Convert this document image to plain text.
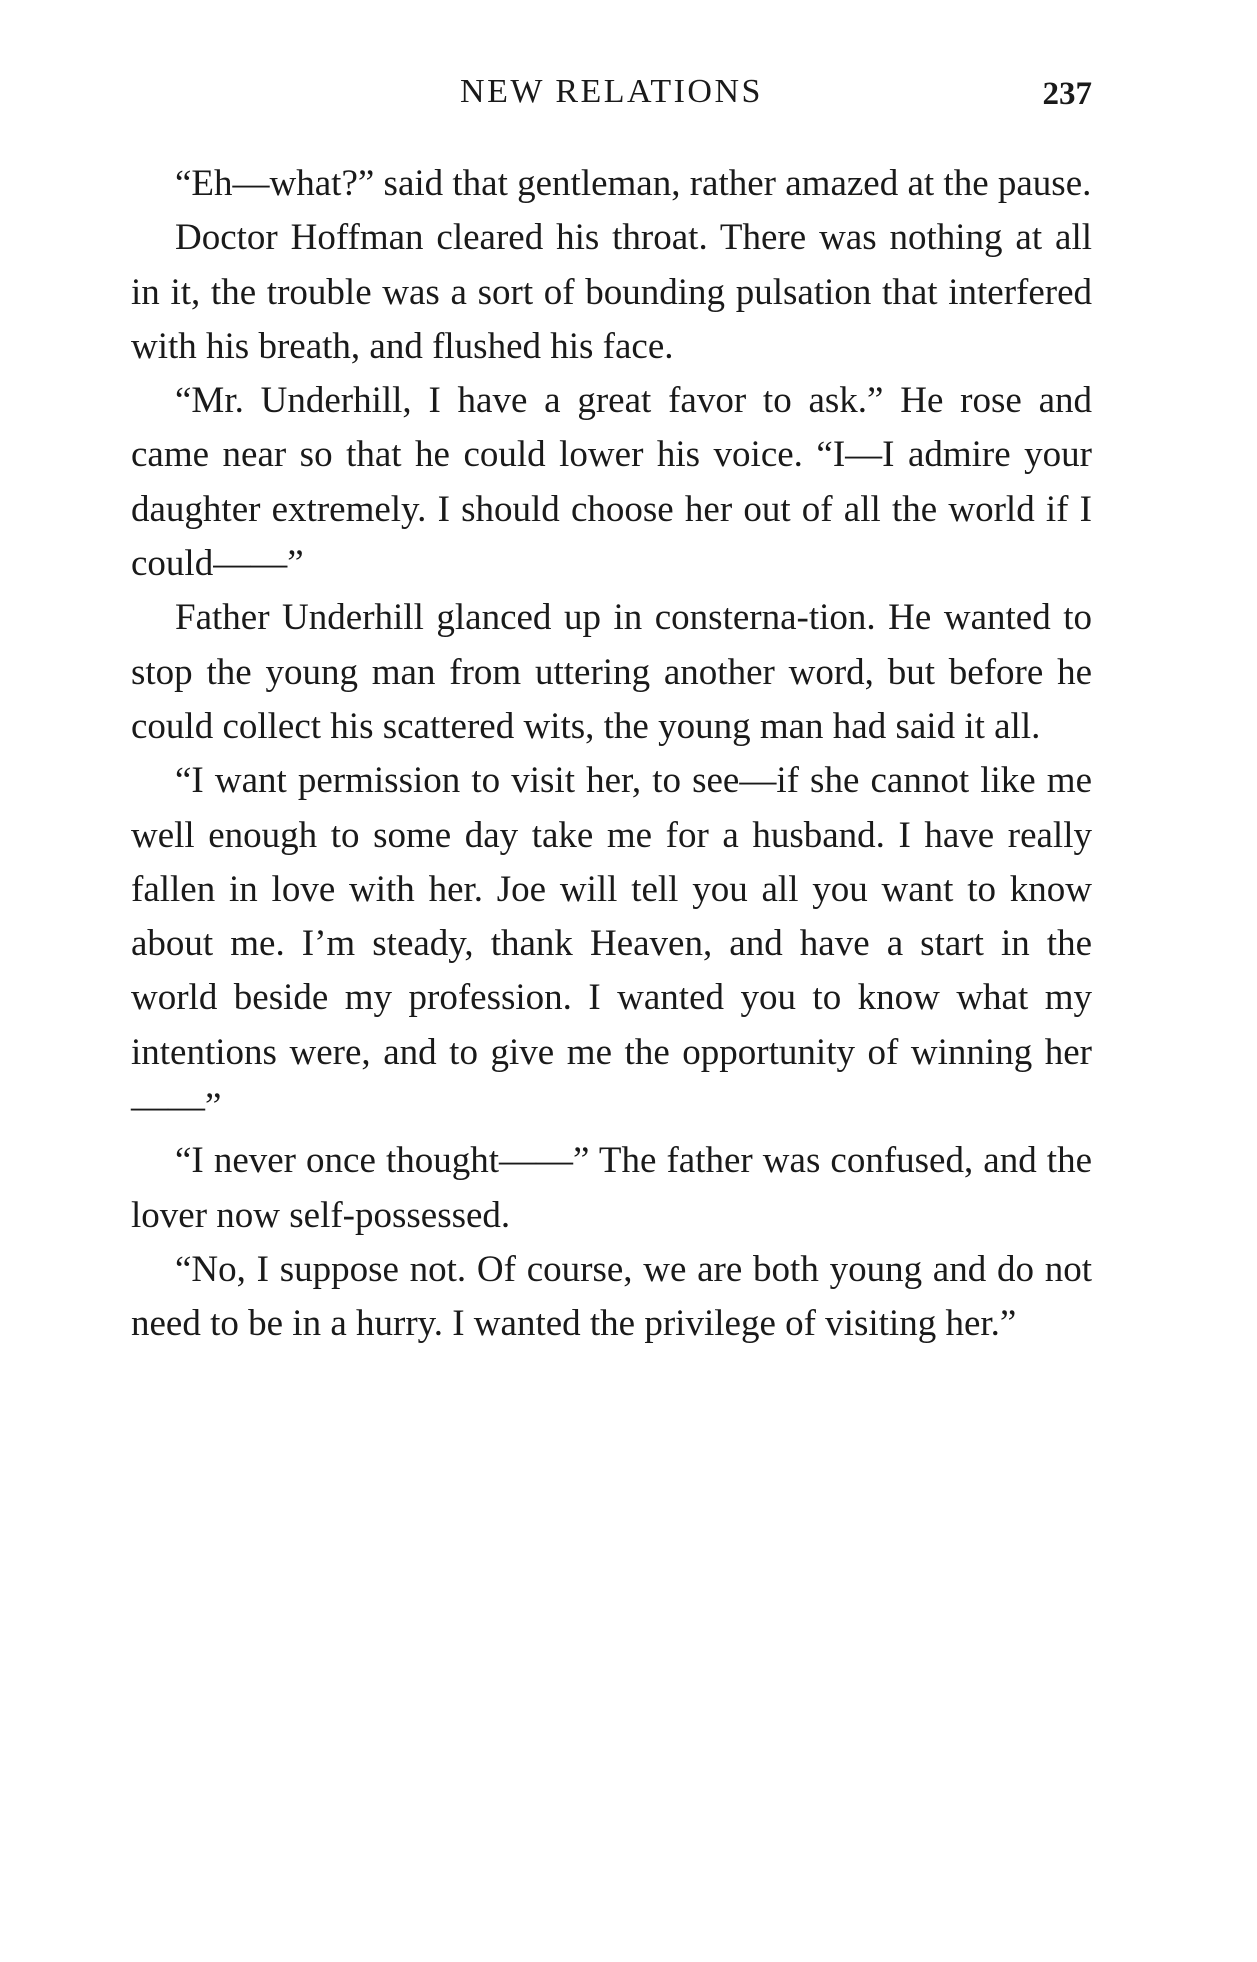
NEW RELATIONS	237

“Eh—what?” said that gentleman, rather amazed at the pause.

Doctor Hoffman cleared his throat. There was nothing at all in it, the trouble was a sort of bounding pulsation that interfered with his breath, and flushed his face.

“Mr. Underhill, I have a great favor to ask.” He rose and came near so that he could lower his voice. “I—I admire your daughter extremely. I should choose her out of all the world if I could——”

Father Underhill glanced up in consterna-tion. He wanted to stop the young man from uttering another word, but before he could collect his scattered wits, the young man had said it all.

“I want permission to visit her, to see—if she cannot like me well enough to some day take me for a husband. I have really fallen in love with her. Joe will tell you all you want to know about me. I’m steady, thank Heaven, and have a start in the world beside my profession. I wanted you to know what my intentions were, and to give me the opportunity of winning her——”

“I never once thought——” The father was confused, and the lover now self-possessed.

“No, I suppose not. Of course, we are both young and do not need to be in a hurry. I wanted the privilege of visiting her.”
